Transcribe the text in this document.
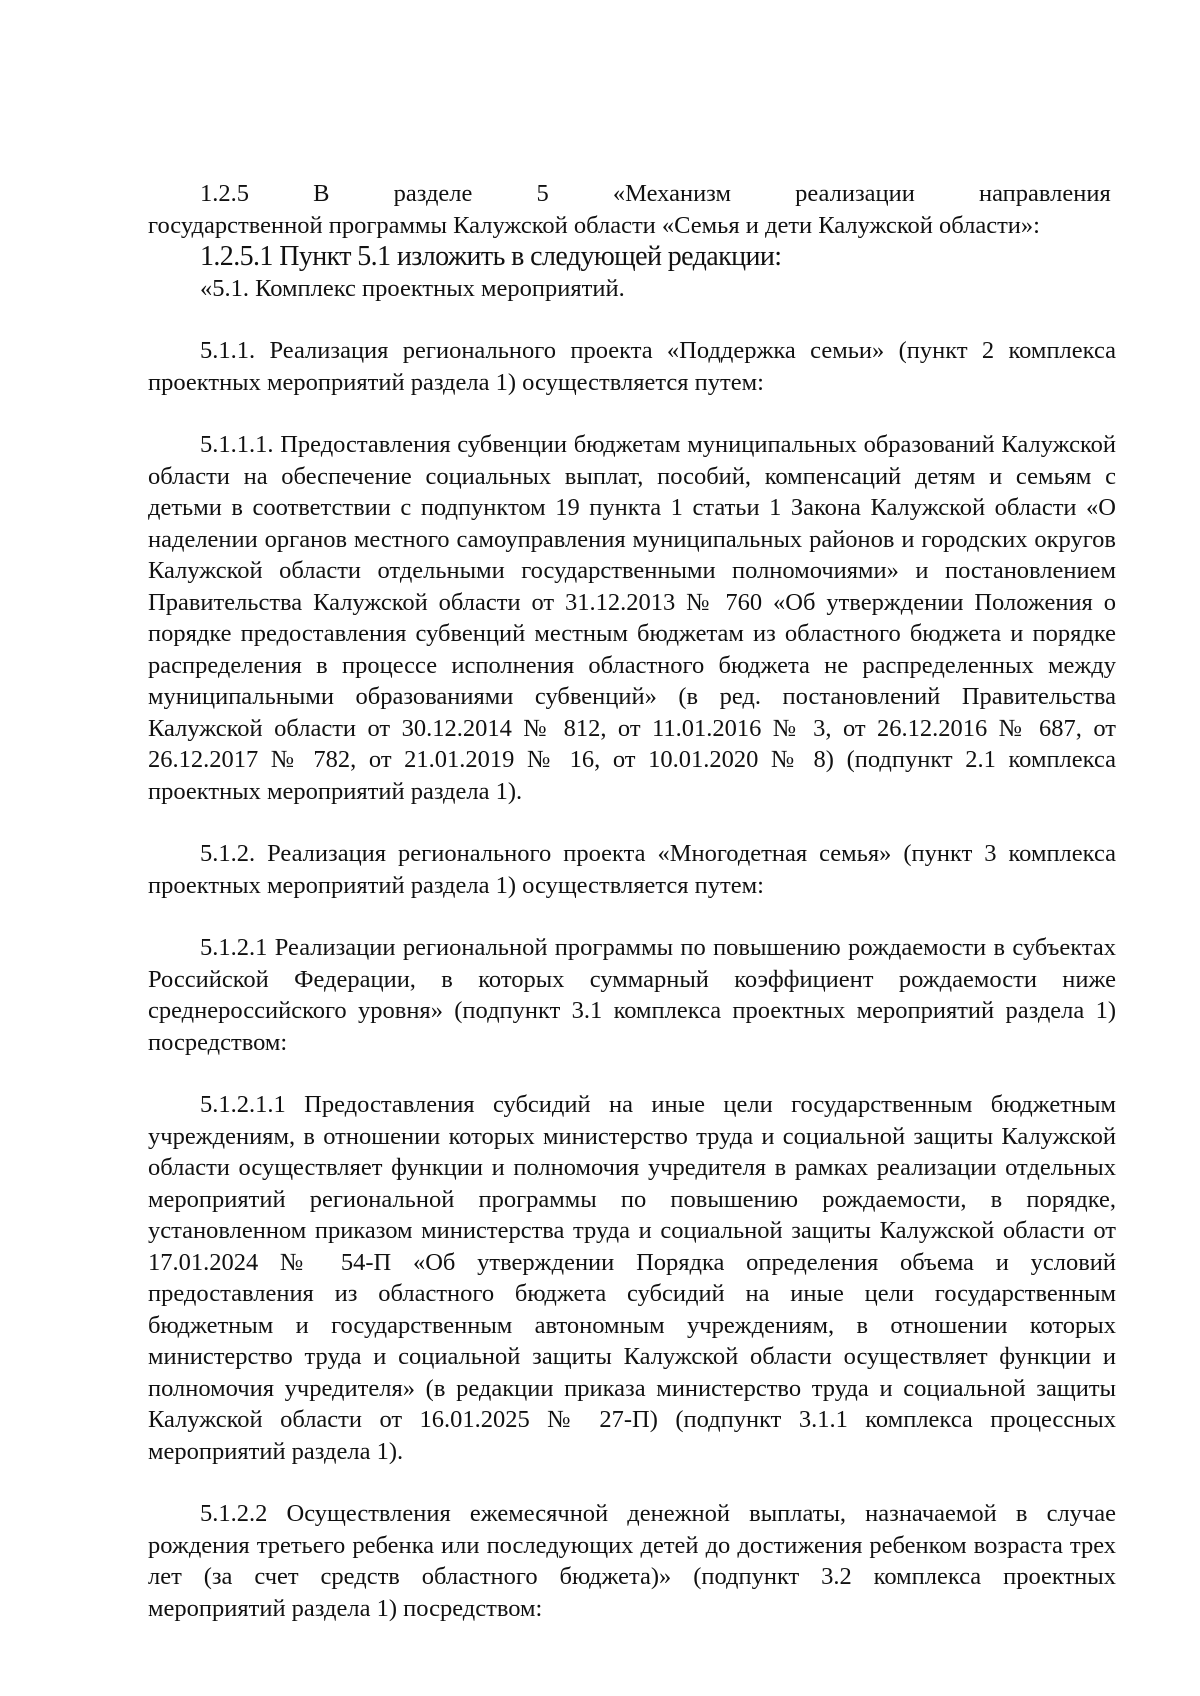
1.2.5 В разделе 5 «Механизм реализации направления
государственной программы Калужской области «Семья и дети Калужской области»:

1.2.5.1 Пункт 5.1 изложить в следующей редакции:

«5.1. Комплекс проектных мероприятий.

5.1.1. Реализация регионального проекта «Поддержка семьи» (пункт 2 комплекса проектных мероприятий раздела 1) осуществляется путем:

5.1.1.1. Предоставления субвенции бюджетам муниципальных образований Калужской области на обеспечение социальных выплат, пособий, компенсаций детям и семьям с детьми в соответствии с подпунктом 19 пункта 1 статьи 1 Закона Калужской области «О наделении органов местного самоуправления муниципальных районов и городских округов Калужской области отдельными государственными полномочиями» и постановлением Правительства Калужской области от 31.12.2013 № 760 «Об утверждении Положения о порядке предоставления субвенций местным бюджетам из областного бюджета и порядке распределения в процессе исполнения областного бюджета не распределенных между муниципальными образованиями субвенций» (в ред. постановлений Правительства Калужской области от 30.12.2014 № 812, от 11.01.2016 № 3, от 26.12.2016 № 687, от 26.12.2017 № 782, от 21.01.2019 № 16, от 10.01.2020 № 8) (подпункт 2.1 комплекса проектных мероприятий раздела 1).

5.1.2. Реализация регионального проекта «Многодетная семья» (пункт 3 комплекса проектных мероприятий раздела 1) осуществляется путем:

5.1.2.1 Реализации региональной программы по повышению рождаемости в субъектах Российской Федерации, в которых суммарный коэффициент рождаемости ниже среднероссийского уровня» (подпункт 3.1 комплекса проектных мероприятий раздела 1) посредством:

5.1.2.1.1 Предоставления субсидий на иные цели государственным бюджетным учреждениям, в отношении которых министерство труда и социальной защиты Калужской области осуществляет функции и полномочия учредителя в рамках реализации отдельных мероприятий региональной программы по повышению рождаемости, в порядке, установленном приказом министерства труда и социальной защиты Калужской области от 17.01.2024 № 54-П «Об утверждении Порядка определения объема и условий предоставления из областного бюджета субсидий на иные цели государственным бюджетным и государственным автономным учреждениям, в отношении которых министерство труда и социальной защиты Калужской области осуществляет функции и полномочия учредителя» (в редакции приказа министерство труда и социальной защиты Калужской области от 16.01.2025 № 27-П) (подпункт 3.1.1 комплекса процессных мероприятий раздела 1).

5.1.2.2 Осуществления ежемесячной денежной выплаты, назначаемой в случае рождения третьего ребенка или последующих детей до достижения ребенком возраста трех лет (за счет средств областного бюджета)» (подпункт 3.2 комплекса проектных мероприятий раздела 1) посредством:
